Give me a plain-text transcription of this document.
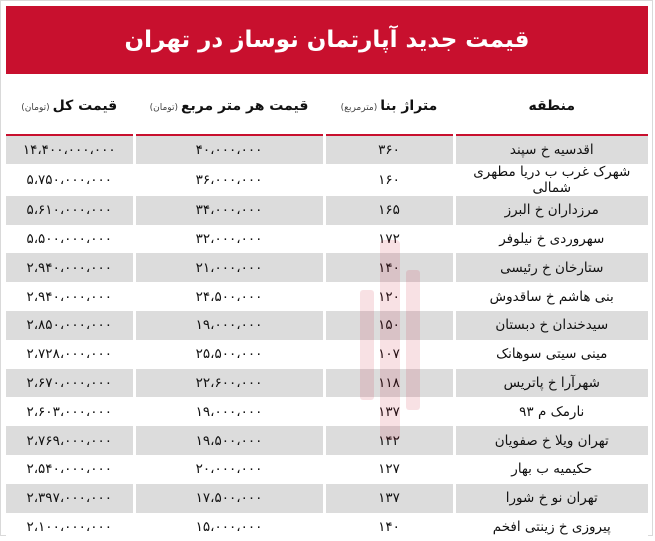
قیمت جدید آپارتمان نوساز در تهران
منطقه	متراژ بنا(مترمربع)	قیمت هر متر مربع(تومان)	قیمت کل(تومان)
اقدسیه خ سپند	۳۶۰	۴۰،۰۰۰،۰۰۰	۱۴،۴۰۰،۰۰۰،۰۰۰
شهرک غرب ب دریا مطهری شمالی	۱۶۰	۳۶،۰۰۰،۰۰۰	۵،۷۵۰،۰۰۰،۰۰۰
مرزداران خ البرز	۱۶۵	۳۴،۰۰۰،۰۰۰	۵،۶۱۰،۰۰۰،۰۰۰
سهروردی خ نیلوفر	۱۷۲	۳۲،۰۰۰،۰۰۰	۵،۵۰۰،۰۰۰،۰۰۰
ستارخان خ رئیسی	۱۴۰	۲۱،۰۰۰،۰۰۰	۲،۹۴۰،۰۰۰،۰۰۰
بنی هاشم خ ساقدوش	۱۲۰	۲۴،۵۰۰،۰۰۰	۲،۹۴۰،۰۰۰،۰۰۰
سیدخندان خ دبستان	۱۵۰	۱۹،۰۰۰،۰۰۰	۲،۸۵۰،۰۰۰،۰۰۰
مینی سیتی سوهانک	۱۰۷	۲۵،۵۰۰،۰۰۰	۲،۷۲۸،۰۰۰،۰۰۰
شهرآرا خ پاتریس	۱۱۸	۲۲،۶۰۰،۰۰۰	۲،۶۷۰،۰۰۰،۰۰۰
نارمک م ۹۳	۱۳۷	۱۹،۰۰۰،۰۰۰	۲،۶۰۳،۰۰۰،۰۰۰
تهران ویلا خ صفویان	۱۴۲	۱۹،۵۰۰،۰۰۰	۲،۷۶۹،۰۰۰،۰۰۰
حکیمیه ب بهار	۱۲۷	۲۰،۰۰۰،۰۰۰	۲،۵۴۰،۰۰۰،۰۰۰
تهران نو خ شورا	۱۳۷	۱۷،۵۰۰،۰۰۰	۲،۳۹۷،۰۰۰،۰۰۰
پیروزی خ زینتی افخم	۱۴۰	۱۵،۰۰۰،۰۰۰	۲،۱۰۰،۰۰۰،۰۰۰
